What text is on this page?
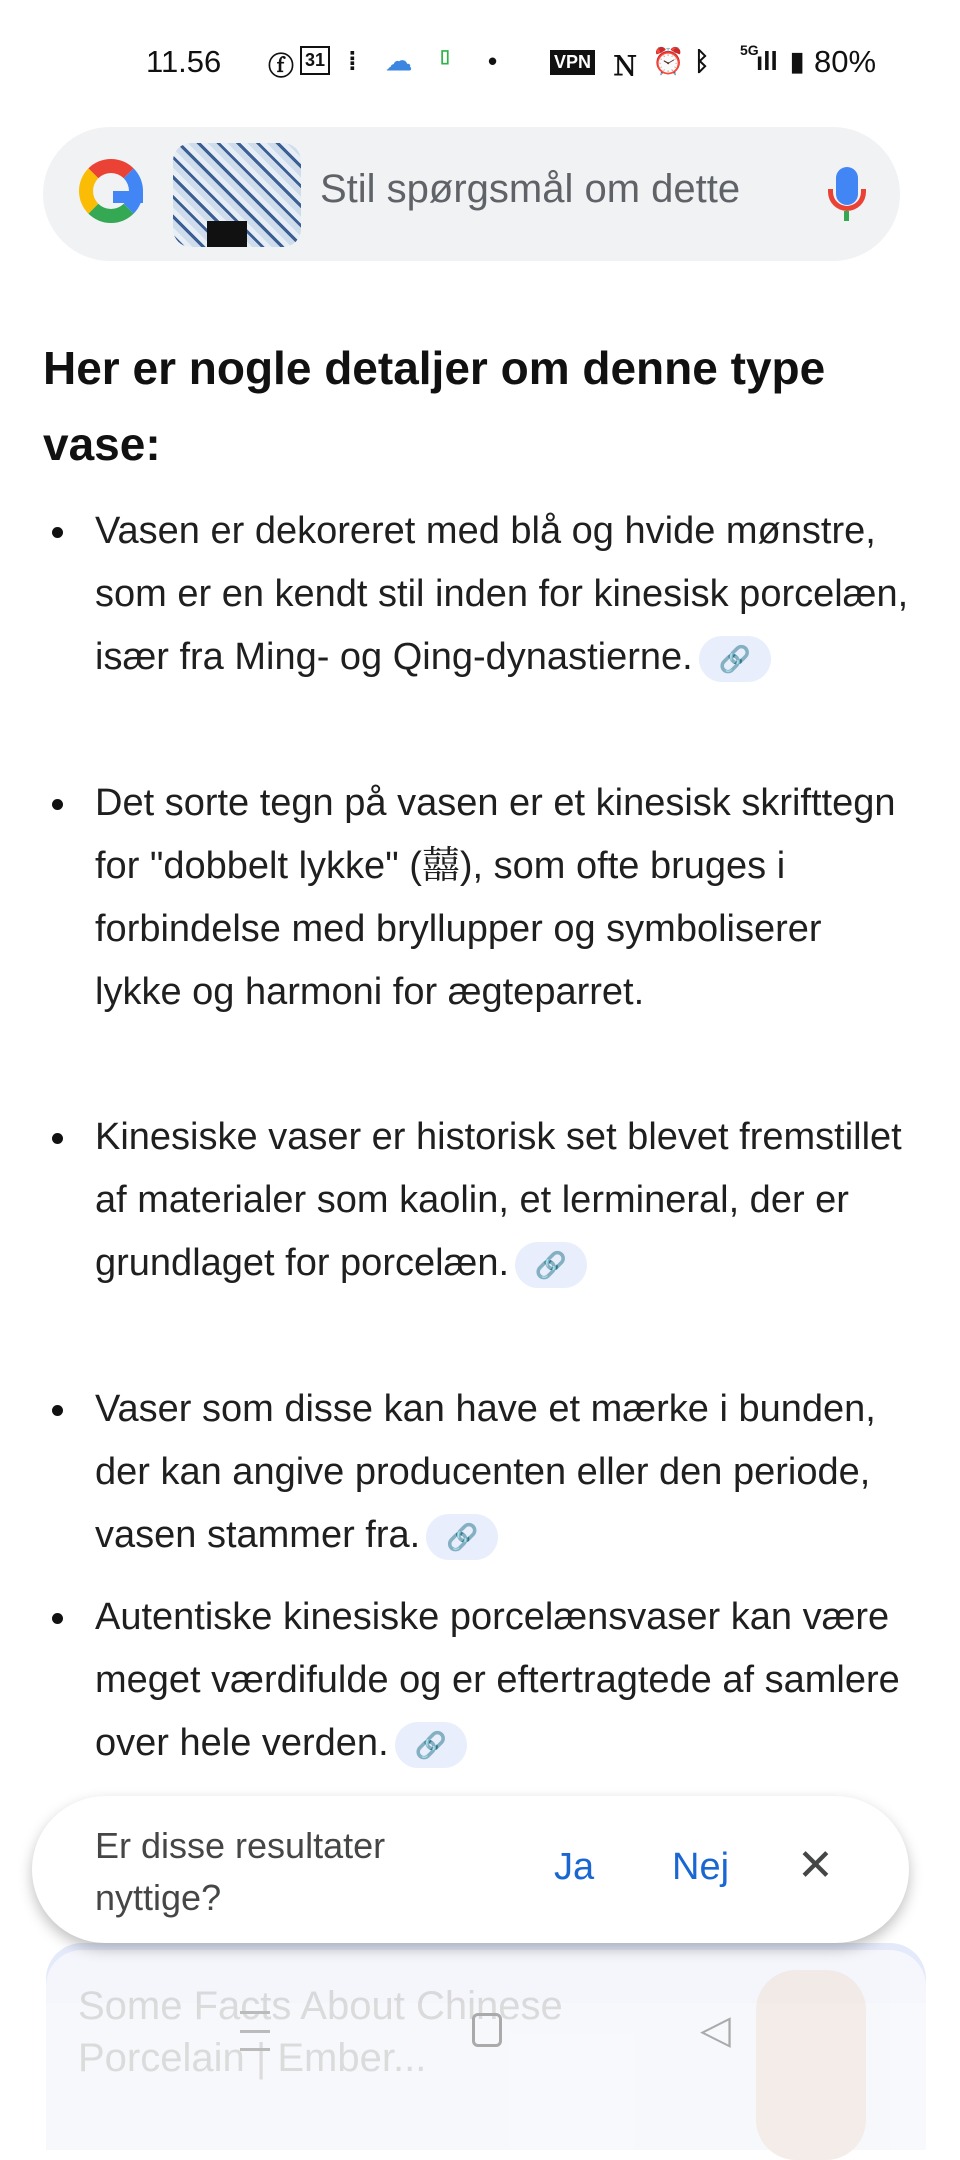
11.56 ⓕ 31 ⁞ ☁ ▯ •	VPN Ｎ ⏰ ᛒ 5G
ıll ▮ 80%
Stil spørgsmål om dette
Her er nogle detaljer om denne type vase:
Vasen er dekoreret med blå og hvide mønstre, som er en kendt stil inden for kinesisk porcelæn, især fra Ming- og Qing-dynastierne. 🔗
Det sorte tegn på vasen er et kinesisk skrifttegn for "dobbelt lykke" (囍), som ofte bruges i forbindelse med bryllupper og symboliserer lykke og harmoni for ægteparret.
Kinesiske vaser er historisk set blevet fremstillet af materialer som kaolin, et lermineral, der er grundlaget for porcelæn. 🔗
Vaser som disse kan have et mærke i bunden, der kan angive producenten eller den periode, vasen stammer fra. 🔗
Autentiske kinesiske porcelænsvaser kan være meget værdifulde og er eftertragtede af samlere over hele verden. 🔗
Er disse resultater nyttige?
Ja Nej ✕
Some Facts About Chinese Porcelain | Ember...
◁
